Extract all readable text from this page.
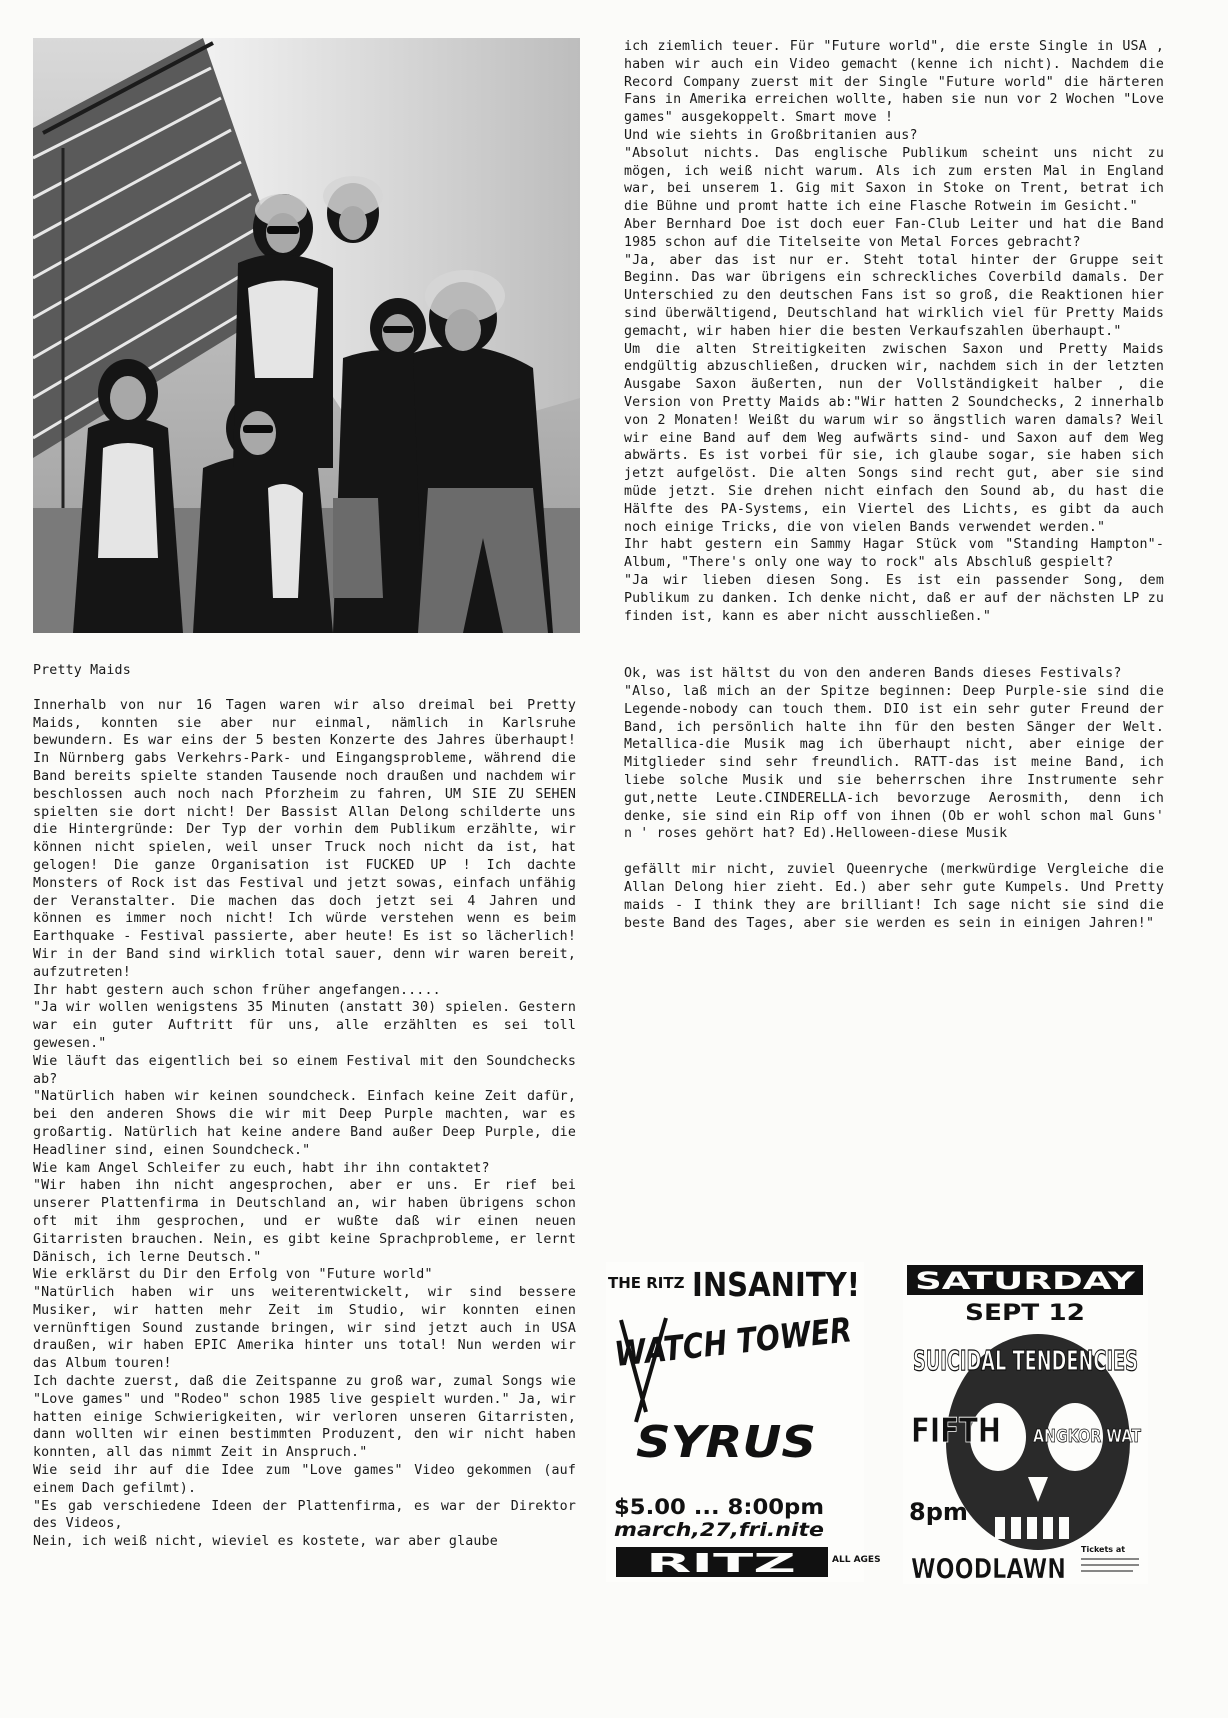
Pretty Maids

Innerhalb von nur 16 Tagen waren wir also dreimal bei Pretty Maids, konnten sie aber nur einmal, nämlich in Karlsruhe bewundern. Es war eins der 5 besten Konzerte des Jahres überhaupt! In Nürnberg gabs Verkehrs-Park- und Eingangsprobleme, während die Band bereits spielte standen Tausende noch draußen und nachdem wir beschlossen auch noch nach Pforzheim zu fahren, UM SIE ZU SEHEN spielten sie dort nicht! Der Bassist Allan Delong schilderte uns die Hintergründe: Der Typ der vorhin dem Publikum erzählte, wir können nicht spielen, weil unser Truck noch nicht da ist, hat gelogen! Die ganze Organisation ist FUCKED UP ! Ich dachte Monsters of Rock ist das Festival und jetzt sowas, einfach unfähig der Veranstalter. Die machen das doch jetzt sei 4 Jahren und können es immer noch nicht! Ich würde verstehen wenn es beim Earthquake - Festival passierte, aber heute! Es ist so lächerlich! Wir in der Band sind wirklich total sauer, denn wir waren bereit, aufzutreten!

Ihr habt gestern auch schon früher angefangen.....

"Ja wir wollen wenigstens 35 Minuten (anstatt 30) spielen. Gestern war ein guter Auftritt für uns, alle erzählten es sei toll gewesen."

Wie läuft das eigentlich bei so einem Festival mit den Soundchecks ab?

"Natürlich haben wir keinen soundcheck. Einfach keine Zeit dafür, bei den anderen Shows die wir mit Deep Purple machten, war es großartig. Natürlich hat keine andere Band außer Deep Purple, die Headliner sind, einen Soundcheck."

Wie kam Angel Schleifer zu euch, habt ihr ihn contaktet?

"Wir haben ihn nicht angesprochen, aber er uns. Er rief bei unserer Plattenfirma in Deutschland an, wir haben übrigens schon oft mit ihm gesprochen, und er wußte daß wir einen neuen Gitarristen brauchen. Nein, es gibt keine Sprachprobleme, er lernt Dänisch, ich lerne Deutsch."

Wie erklärst du Dir den Erfolg von "Future world"

"Natürlich haben wir uns weiterentwickelt, wir sind bessere Musiker, wir hatten mehr Zeit im Studio, wir konnten einen vernünftigen Sound zustande bringen, wir sind jetzt auch in USA draußen, wir haben EPIC Amerika hinter uns total! Nun werden wir das Album touren!

Ich dachte zuerst, daß die Zeitspanne zu groß war, zumal Songs wie "Love games" und "Rodeo" schon 1985 live gespielt wurden." Ja, wir hatten einige Schwierigkeiten, wir verloren unseren Gitarristen, dann wollten wir einen bestimmten Produzent, den wir nicht haben konnten, all das nimmt Zeit in Anspruch."

Wie seid ihr auf die Idee zum "Love games" Video gekommen (auf einem Dach gefilmt).

"Es gab verschiedene Ideen der Plattenfirma, es war der Direktor des Videos,

Nein, ich weiß nicht, wieviel es kostete, war aber glaube

ich ziemlich teuer. Für "Future world", die erste Single in USA , haben wir auch ein Video gemacht (kenne ich nicht). Nachdem die Record Company zuerst mit der Single "Future world" die härteren Fans in Amerika erreichen wollte, haben sie nun vor 2 Wochen "Love games" ausgekoppelt. Smart move !

Und wie siehts in Großbritanien aus?

"Absolut nichts. Das englische Publikum scheint uns nicht zu mögen, ich weiß nicht warum. Als ich zum ersten Mal in England war, bei unserem 1. Gig mit Saxon in Stoke on Trent, betrat ich die Bühne und promt hatte ich eine Flasche Rotwein im Gesicht."

Aber Bernhard Doe ist doch euer Fan-Club Leiter und hat die Band 1985 schon auf die Titelseite von Metal Forces gebracht?

"Ja, aber das ist nur er. Steht total hinter der Gruppe seit Beginn. Das war übrigens ein schreckliches Coverbild damals. Der Unterschied zu den deutschen Fans ist so groß, die Reaktionen hier sind überwältigend, Deutschland hat wirklich viel für Pretty Maids gemacht, wir haben hier die besten Verkaufszahlen überhaupt."

Um die alten Streitigkeiten zwischen Saxon und Pretty Maids endgültig abzuschließen, drucken wir, nachdem sich in der letzten Ausgabe Saxon äußerten, nun der Vollständigkeit halber , die Version von Pretty Maids ab:"Wir hatten 2 Soundchecks, 2 innerhalb von 2 Monaten! Weißt du warum wir so ängstlich waren damals? Weil wir eine Band auf dem Weg aufwärts sind- und Saxon auf dem Weg abwärts. Es ist vorbei für sie, ich glaube sogar, sie haben sich jetzt aufgelöst. Die alten Songs sind recht gut, aber sie sind müde jetzt. Sie drehen nicht einfach den Sound ab, du hast die Hälfte des PA-Systems, ein Viertel des Lichts, es gibt da auch noch einige Tricks, die von vielen Bands verwendet werden."

Ihr habt gestern ein Sammy Hagar Stück vom "Standing Hampton"-Album, "There's only one way to rock" als Abschluß gespielt?

"Ja wir lieben diesen Song. Es ist ein passender Song, dem Publikum zu danken. Ich denke nicht, daß er auf der nächsten LP zu finden ist, kann es aber nicht ausschließen."

Ok, was ist hältst du von den anderen Bands dieses Festivals?

"Also, laß mich an der Spitze beginnen: Deep Purple-sie sind die Legende-nobody can touch them. DIO ist ein sehr guter Freund der Band, ich persönlich halte ihn für den besten Sänger der Welt. Metallica-die Musik mag ich überhaupt nicht, aber einige der Mitglieder sind sehr freundlich. RATT-das ist meine Band, ich liebe solche Musik und sie beherrschen ihre Instrumente sehr gut,nette Leute.CINDERELLA-ich bevorzuge Aerosmith, denn ich denke, sie sind ein Rip off von ihnen (Ob er wohl schon mal Guns' n ' roses gehört hat? Ed).Helloween-diese Musik

gefällt mir nicht, zuviel Queenryche (merkwürdige Vergleiche die Allan Delong hier zieht. Ed.) aber sehr gute Kumpels. Und Pretty maids - I think they are brilliant! Ich sage nicht sie sind die beste Band des Tages, aber sie werden es sein in einigen Jahren!"

THE RITZ INSANITY!
WATCH TOWER
SYRUS
$5.00 ... 8:00pm
march,27,fri.nite
RITZ	ALL AGES
SATURDAY
SEPT 12
SUICIDAL TENDENCIES
FIFTH ANGKOR WAT
8pm
WOODLAWN
Tickets at
